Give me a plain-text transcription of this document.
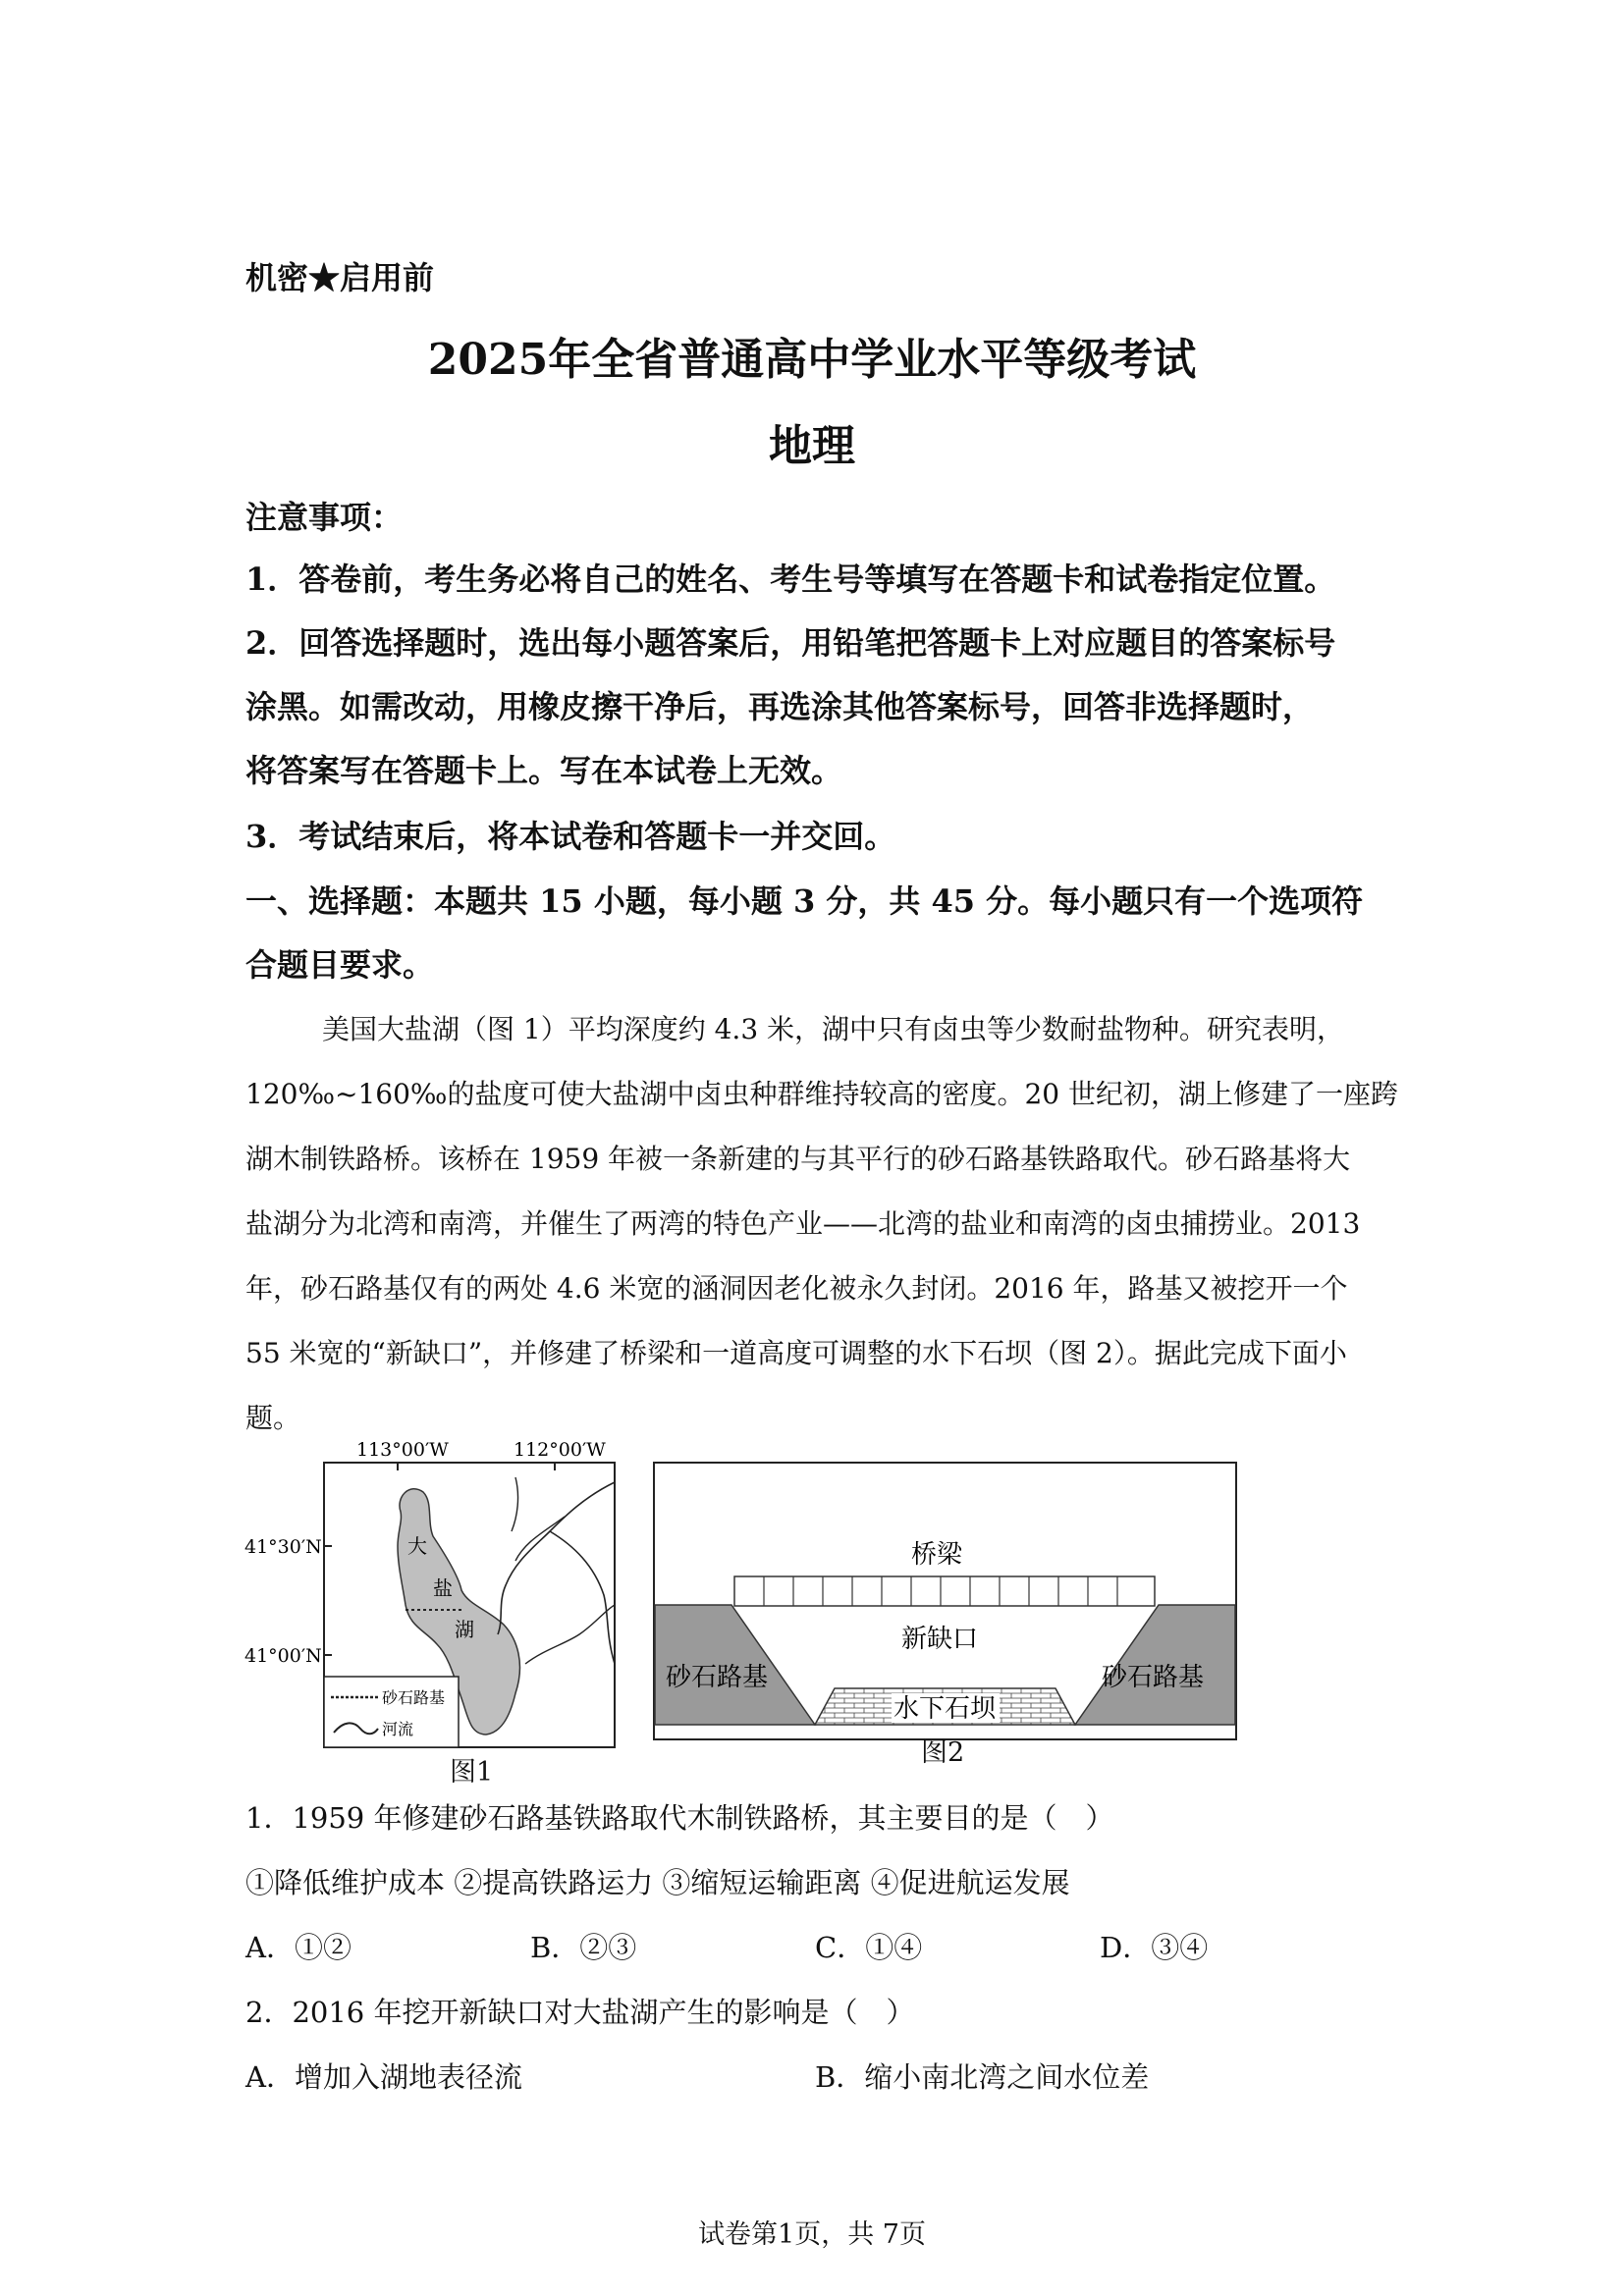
机密★启用前
2025年全省普通高中学业水平等级考试
地理
注意事项：
1．答卷前，考生务必将自己的姓名、考生号等填写在答题卡和试卷指定位置。
2．回答选择题时，选出每小题答案后，用铅笔把答题卡上对应题目的答案标号
涂黑。如需改动，用橡皮擦干净后，再选涂其他答案标号，回答非选择题时，
将答案写在答题卡上。写在本试卷上无效。
3．考试结束后，将本试卷和答题卡一并交回。
一、选择题：本题共 15 小题，每小题 3 分，共 45 分。每小题只有一个选项符
合题目要求。
美国大盐湖（图 1）平均深度约 4.3 米，湖中只有卤虫等少数耐盐物种。研究表明，
120‰~160‰的盐度可使大盐湖中卤虫种群维持较高的密度。20 世纪初，湖上修建了一座跨
湖木制铁路桥。该桥在 1959 年被一条新建的与其平行的砂石路基铁路取代。砂石路基将大
盐湖分为北湾和南湾，并催生了两湾的特色产业——北湾的盐业和南湾的卤虫捕捞业。2013
年，砂石路基仅有的两处 4.6 米宽的涵洞因老化被永久封闭。2016 年，路基又被挖开一个
55 米宽的“新缺口”，并修建了桥梁和一道高度可调整的水下石坝（图 2）。据此完成下面小
题。
113°00′W	112°00′W
41°30′N
41°00′N
大
盐
湖
砂石路基
河流
图1
桥梁
新缺口
砂石路基	砂石路基
水下石坝
图2
1．1959 年修建砂石路基铁路取代木制铁路桥，其主要目的是（　）
①降低维护成本 ②提高铁路运力 ③缩短运输距离 ④促进航运发展
A．①②	B．②③	C．①④	D．③④
2．2016 年挖开新缺口对大盐湖产生的影响是（　）
A．增加入湖地表径流	B．缩小南北湾之间水位差
试卷第1页，共 7页
